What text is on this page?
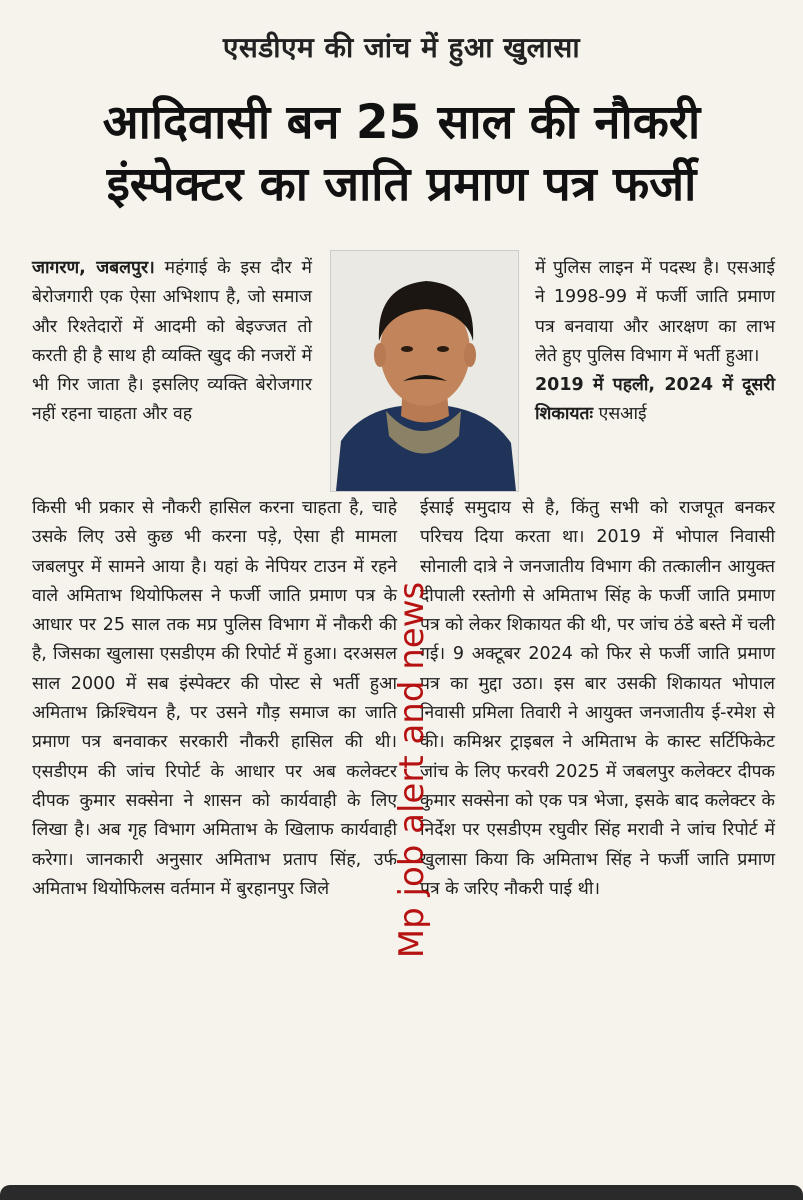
एसडीएम की जांच में हुआ खुलासा
आदिवासी बन 25 साल की नौकरी
इंस्पेक्टर का जाति प्रमाण पत्र फर्जी

जागरण, जबलपुर। महंगाई के इस दौर में बेरोजगारी एक ऐसा अभिशाप है, जो समाज और रिश्तेदारों में आदमी को बेइज्जत तो करती ही है साथ ही व्यक्ति खुद की नजरों में भी गिर जाता है। इसलिए व्यक्ति बेरोजगार नहीं रहना चाहता और वह

में पुलिस लाइन में पदस्थ है। एसआई ने 1998-99 में फर्जी जाति प्रमाण पत्र बनवाया और आरक्षण का लाभ लेते हुए पुलिस विभाग में भर्ती हुआ।

2019 में पहली, 2024 में दूसरी शिकायतः एसआई

किसी भी प्रकार से नौकरी हासिल करना चाहता है, चाहे उसके लिए उसे कुछ भी करना पड़े, ऐसा ही मामला जबलपुर में सामने आया है। यहां के नेपियर टाउन में रहने वाले अमिताभ थियोफिलस ने फर्जी जाति प्रमाण पत्र के आधार पर 25 साल तक मप्र पुलिस विभाग में नौकरी की है, जिसका खुलासा एसडीएम की रिपोर्ट में हुआ। दरअसल साल 2000 में सब इंस्पेक्टर की पोस्ट से भर्ती हुआ अमिताभ क्रिश्चियन है, पर उसने गौड़ समाज का जाति प्रमाण पत्र बनवाकर सरकारी नौकरी हासिल की थी। एसडीएम की जांच रिपोर्ट के आधार पर अब कलेक्टर दीपक कुमार सक्सेना ने शासन को कार्यवाही के लिए लिखा है। अब गृह विभाग अमिताभ के खिलाफ कार्यवाही करेगा। जानकारी अनुसार अमिताभ प्रताप सिंह, उर्फ अमिताभ थियोफिलस वर्तमान में बुरहानपुर जिले

ईसाई समुदाय से है, किंतु सभी को राजपूत बनकर परिचय दिया करता था। 2019 में भोपाल निवासी सोनाली दात्रे ने जनजातीय विभाग की तत्कालीन आयुक्त दीपाली रस्तोगी से अमिताभ सिंह के फर्जी जाति प्रमाण पत्र को लेकर शिकायत की थी, पर जांच ठंडे बस्ते में चली गई। 9 अक्टूबर 2024 को फिर से फर्जी जाति प्रमाण पत्र का मुद्दा उठा। इस बार उसकी शिकायत भोपाल निवासी प्रमिला तिवारी ने आयुक्त जनजातीय ई-रमेश से की। कमिश्नर ट्राइबल ने अमिताभ के कास्ट सर्टिफिकेट जांच के लिए फरवरी 2025 में जबलपुर कलेक्टर दीपक कुमार सक्सेना को एक पत्र भेजा, इसके बाद कलेक्टर के निर्देश पर एसडीएम रघुवीर सिंह मरावी ने जांच रिपोर्ट में खुलासा किया कि अमिताभ सिंह ने फर्जी जाति प्रमाण पत्र के जरिए नौकरी पाई थी।

Mp job alert and news
